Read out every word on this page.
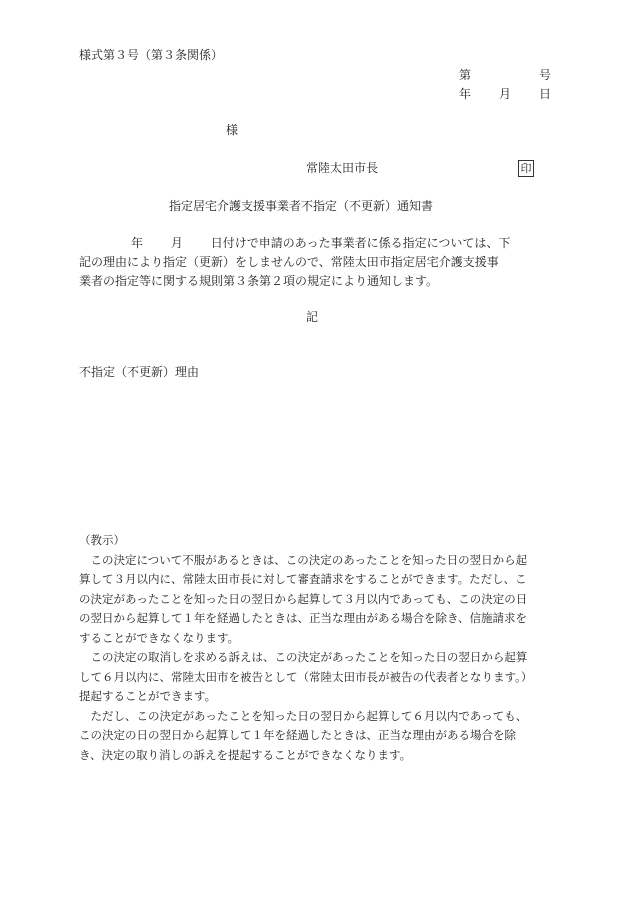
様式第３号（第３条関係）
第	号
年 月 日
様
常陸太田市長	印
指定居宅介護支援事業者不指定（不更新）通知書
年 月 日付けで申請のあった事業者に係る指定については、下
記の理由により指定（更新）をしませんので、常陸太田市指定居宅介護支援事
業者の指定等に関する規則第３条第２項の規定により通知します。
記
不指定（不更新）理由
（教示）
　この決定について不服があるときは、この決定のあったことを知った日の翌日から起
算して３月以内に、常陸太田市長に対して審査請求をすることができます。ただし、こ
の決定があったことを知った日の翌日から起算して３月以内であっても、この決定の日
の翌日から起算して１年を経過したときは、正当な理由がある場合を除き、信施請求を
することができなくなります。
　この決定の取消しを求める訴えは、この決定があったことを知った日の翌日から起算
して６月以内に、常陸太田市を被告として（常陸太田市長が被告の代表者となります。）
提起することができます。
　ただし、この決定があったことを知った日の翌日から起算して６月以内であっても、
この決定の日の翌日から起算して１年を経過したときは、正当な理由がある場合を除
き、決定の取り消しの訴えを提起することができなくなります。
